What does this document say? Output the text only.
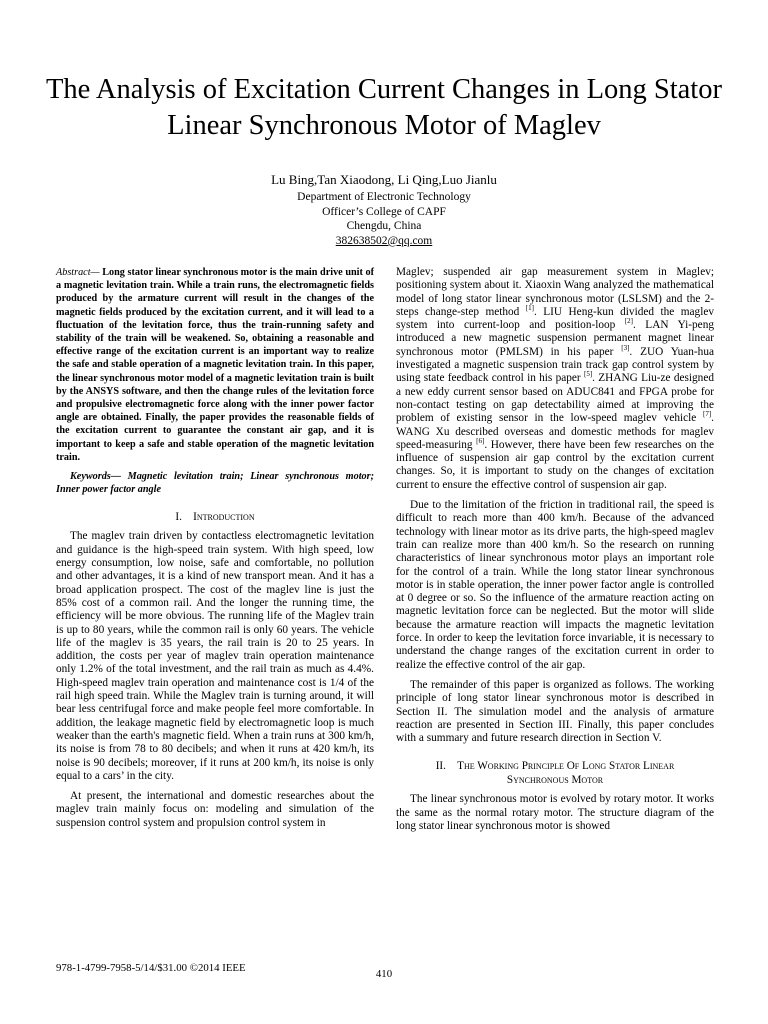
The Analysis of Excitation Current Changes in Long Stator Linear Synchronous Motor of Maglev
Lu Bing,Tan Xiaodong, Li Qing,Luo Jianlu
Department of Electronic Technology
Officer’s College of CAPF
Chengdu, China
382638502@qq.com

Abstract— Long stator linear synchronous motor is the main drive unit of a magnetic levitation train. While a train runs, the electromagnetic fields produced by the armature current will result in the changes of the magnetic fields produced by the excitation current, and it will lead to a fluctuation of the levitation force, thus the train-running safety and stability of the train will be weakened. So, obtaining a reasonable and effective range of the excitation current is an important way to realize the safe and stable operation of a magnetic levitation train. In this paper, the linear synchronous motor model of a magnetic levitation train is built by the ANSYS software, and then the change rules of the levitation force and propulsive electromagnetic force along with the inner power factor angle are obtained. Finally, the paper provides the reasonable fields of the excitation current to guarantee the constant air gap, and it is important to keep a safe and stable operation of the magnetic levitation train.

Keywords— Magnetic levitation train; Linear synchronous motor; Inner power factor angle

I. Introduction

The maglev train driven by contactless electromagnetic levitation and guidance is the high-speed train system. With high speed, low energy consumption, low noise, safe and comfortable, no pollution and other advantages, it is a kind of new transport mean. And it has a broad application prospect. The cost of the maglev line is just the 85% cost of a common rail. And the longer the running time, the efficiency will be more obvious. The running life of the Maglev train is up to 80 years, while the common rail is only 60 years. The vehicle life of the maglev is 35 years, the rail train is 20 to 25 years. In addition, the costs per year of maglev train operation maintenance only 1.2% of the total investment, and the rail train as much as 4.4%. High-speed maglev train operation and maintenance cost is 1/4 of the rail high speed train. While the Maglev train is turning around, it will bear less centrifugal force and make people feel more comfortable. In addition, the leakage magnetic field by electromagnetic loop is much weaker than the earth's magnetic field. When a train runs at 300 km/h, its noise is from 78 to 80 decibels; and when it runs at 420 km/h, its noise is 90 decibels; moreover, if it runs at 200 km/h, its noise is only equal to a cars’ in the city.

At present, the international and domestic researches about the maglev train mainly focus on: modeling and simulation of the suspension control system and propulsion control system in

Maglev; suspended air gap measurement system in Maglev; positioning system about it. Xiaoxin Wang analyzed the mathematical model of long stator linear synchronous motor (LSLSM) and the 2-steps change-step method [1]. LIU Heng-kun divided the maglev system into current-loop and position-loop [2]. LAN Yi-peng introduced a new magnetic suspension permanent magnet linear synchronous motor (PMLSM) in his paper [3]. ZUO Yuan-hua investigated a magnetic suspension train track gap control system by using state feedback control in his paper [5]. ZHANG Liu-ze designed a new eddy current sensor based on ADUC841 and FPGA probe for non-contact testing on gap detectability aimed at improving the problem of existing sensor in the low-speed maglev vehicle [7]. WANG Xu described overseas and domestic methods for maglev speed-measuring [6]. However, there have been few researches on the influence of suspension air gap control by the excitation current changes. So, it is important to study on the changes of excitation current to ensure the effective control of suspension air gap.

Due to the limitation of the friction in traditional rail, the speed is difficult to reach more than 400 km/h. Because of the advanced technology with linear motor as its drive parts, the high-speed maglev train can realize more than 400 km/h. So the research on running characteristics of linear synchronous motor plays an important role for the control of a train. While the long stator linear synchronous motor is in stable operation, the inner power factor angle is controlled at 0 degree or so. So the influence of the armature reaction acting on magnetic levitation force can be neglected. But the motor will slide because the armature reaction will impacts the magnetic levitation force. In order to keep the levitation force invariable, it is necessary to understand the change ranges of the excitation current in order to realize the effective control of the air gap.

The remainder of this paper is organized as follows. The working principle of long stator linear synchronous motor is described in Section II. The simulation model and the analysis of armature reaction are presented in Section III. Finally, this paper concludes with a summary and future research direction in Section V.

II. The Working Principle Of Long Stator Linear
Synchronous Motor

The linear synchronous motor is evolved by rotary motor. It works the same as the normal rotary motor. The structure diagram of the long stator linear synchronous motor is showed

978-1-4799-7958-5/14/$31.00 ©2014 IEEE	410
